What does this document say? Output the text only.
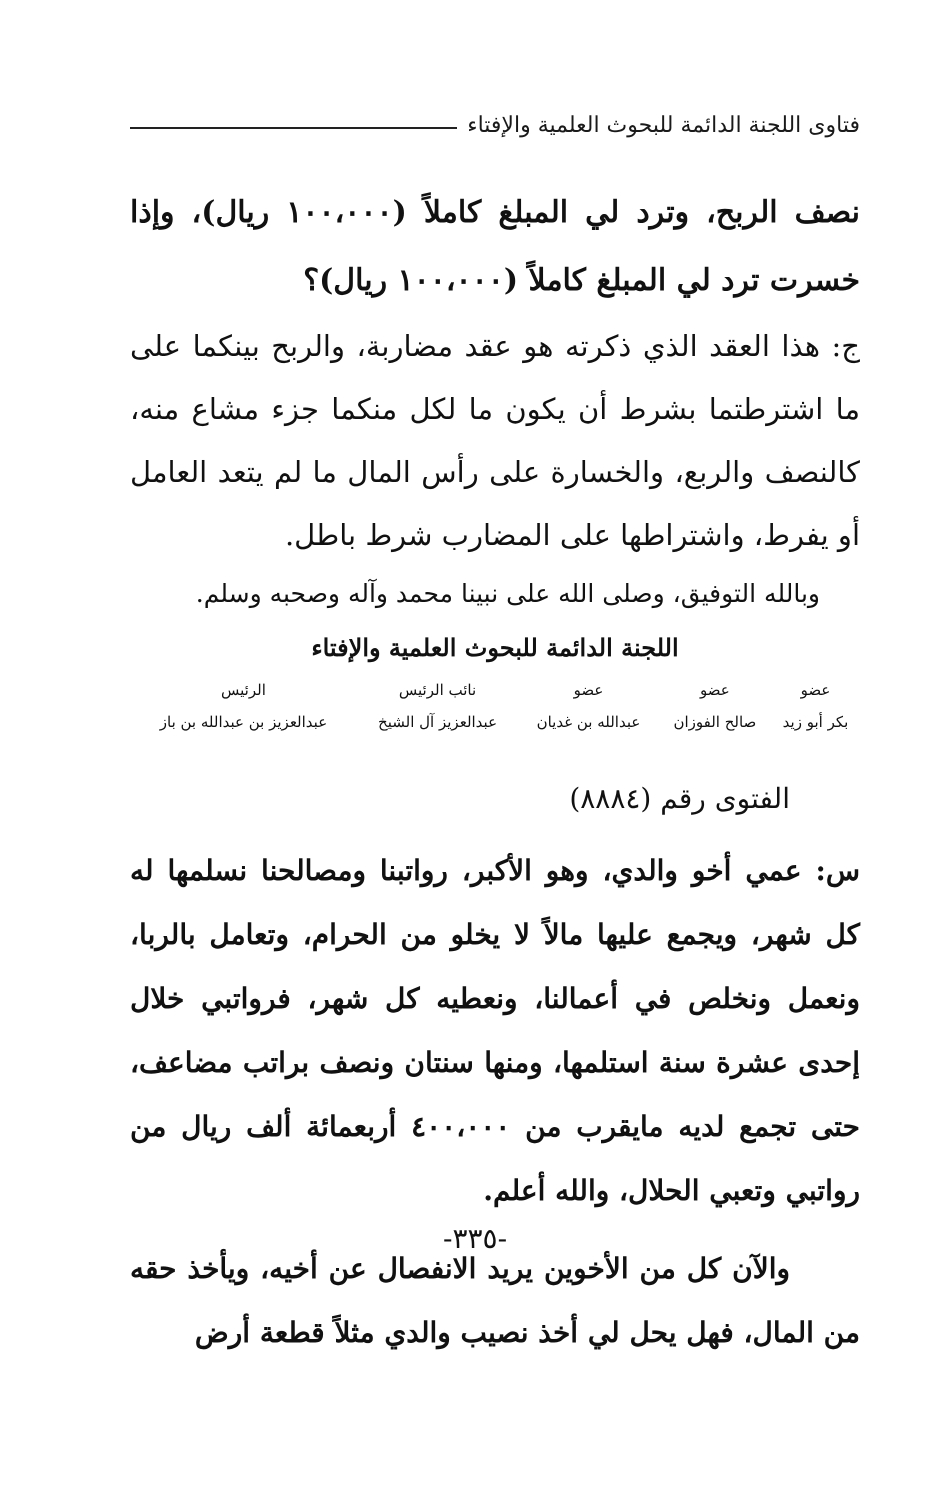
فتاوى اللجنة الدائمة للبحوث العلمية والإفتاء

نصف الربح، وترد لي المبلغ كاملاً (١٠٠،٠٠٠ ريال)، وإذا خسرت ترد لي المبلغ كاملاً (١٠٠،٠٠٠ ريال)؟

ج: هذا العقد الذي ذكرته هو عقد مضاربة، والربح بينكما على ما اشترطتما بشرط أن يكون ما لكل منكما جزء مشاع منه، كالنصف والربع، والخسارة على رأس المال ما لم يتعد العامل أو يفرط، واشتراطها على المضارب شرط باطل.

وبالله التوفيق، وصلى الله على نبينا محمد وآله وصحبه وسلم.

اللجنة الدائمة للبحوث العلمية والإفتاء
عضو	عضو	عضو	نائب الرئيس	الرئيس
بكر أبو زيد	صالح الفوزان	عبدالله بن غديان	عبدالعزيز آل الشيخ	عبدالعزيز بن عبدالله بن باز
الفتوى رقم (٨٨٨٤)

س: عمي أخو والدي، وهو الأكبر، رواتبنا ومصالحنا نسلمها له كل شهر، ويجمع عليها مالاً لا يخلو من الحرام، وتعامل بالربا، ونعمل ونخلص في أعمالنا، ونعطيه كل شهر، فرواتبي خلال إحدى عشرة سنة استلمها، ومنها سنتان ونصف براتب مضاعف، حتى تجمع لديه مايقرب من ٤٠٠،٠٠٠ أربعمائة ألف ريال من رواتبي وتعبي الحلال، والله أعلم.

والآن كل من الأخوين يريد الانفصال عن أخيه، ويأخذ حقه من المال، فهل يحل لي أخذ نصيب والدي مثلاً قطعة أرض

-٣٣٥-
